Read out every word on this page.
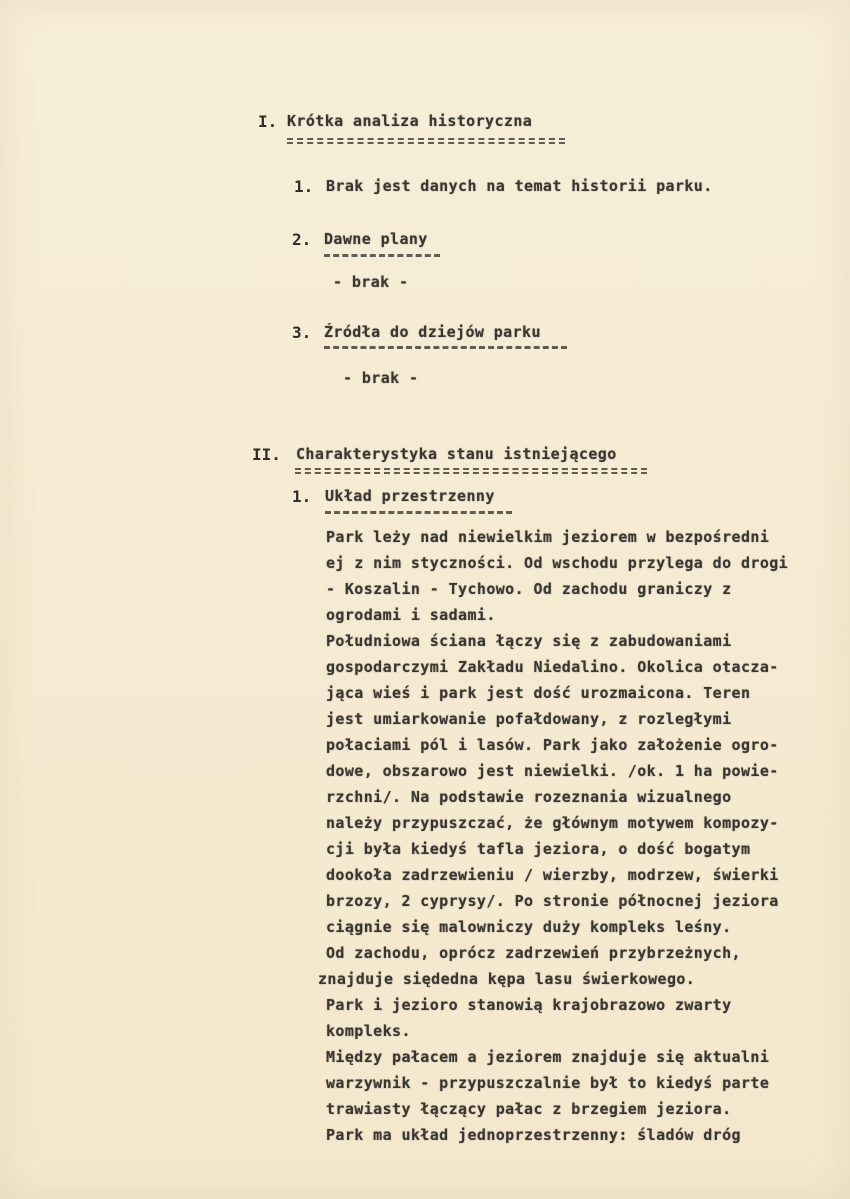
I. Krótka analiza historyczna
1. Brak jest danych na temat historii parku.
2. Dawne plany
- brak -
3. Źródła do dziejów parku
- brak -
II. Charakterystyka stanu istniejącego
1. Układ przestrzenny
Park leży nad niewielkim jeziorem w bezpośredni
ej z nim styczności. Od wschodu przylega do drogi
- Koszalin - Tychowo. Od zachodu graniczy z
ogrodami i sadami.
Południowa ściana łączy się z zabudowaniami
gospodarczymi Zakładu Niedalino. Okolica otacza-
jąca wieś i park jest dość urozmaicona. Teren
jest umiarkowanie pofałdowany, z rozległymi
połaciami pól i lasów. Park jako założenie ogro-
dowe, obszarowo jest niewielki. /ok. 1 ha powie-
rzchni/. Na podstawie rozeznania wizualnego
należy przypuszczać, że głównym motywem kompozy-
cji była kiedyś tafla jeziora, o dość bogatym
dookoła zadrzewieniu / wierzby, modrzew, świerki
brzozy, 2 cyprysy/. Po stronie północnej jeziora
ciągnie się malowniczy duży kompleks leśny.
Od zachodu, oprócz zadrzewień przybrzeżnych,
znajduje siędedna kępa lasu świerkowego.
Park i jezioro stanowią krajobrazowo zwarty
kompleks.
Między pałacem a jeziorem znajduje się aktualni
warzywnik - przypuszczalnie był to kiedyś parte
trawiasty łączący pałac z brzegiem jeziora.
Park ma układ jednoprzestrzenny: śladów dróg
